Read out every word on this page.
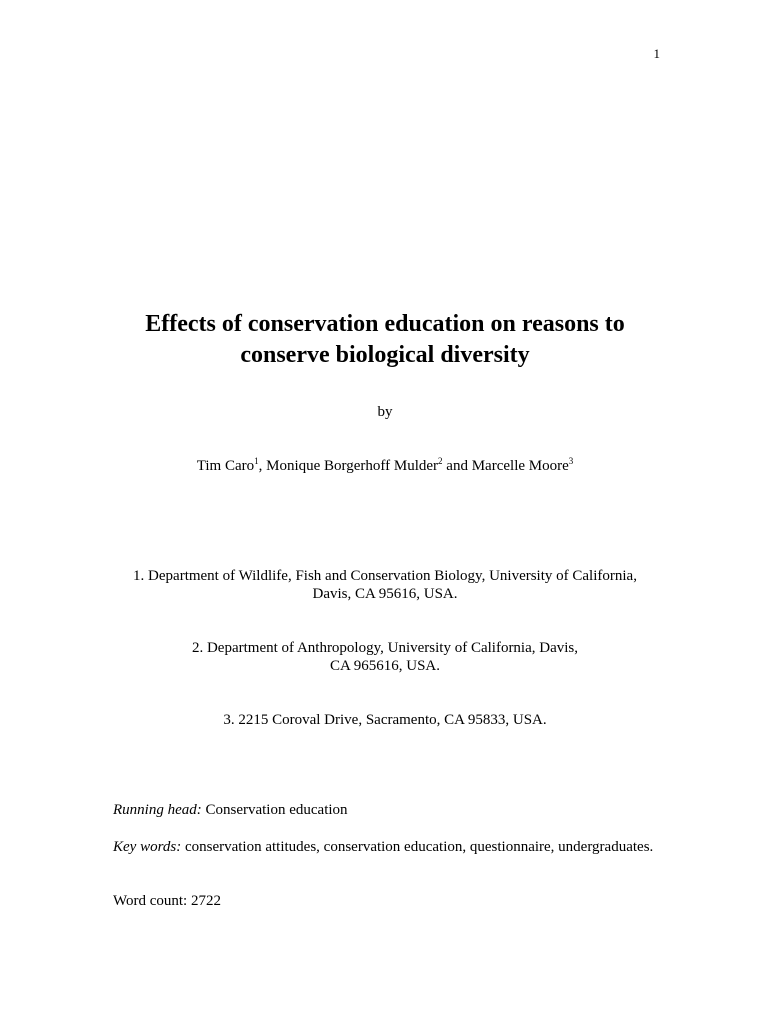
1
Effects of conservation education on reasons to
conserve biological diversity
by
Tim Caro$^1$, Monique Borgerhoff Mulder$^2$ and Marcelle Moore$^3$
1. Department of Wildlife, Fish and Conservation Biology, University of California,
Davis, CA 95616, USA.
2. Department of Anthropology, University of California, Davis,
CA 965616, USA.
3. 2215 Coroval Drive, Sacramento, CA 95833, USA.
Running head: Conservation education
Key words: conservation attitudes, conservation education, questionnaire, undergraduates.
Word count: 2722
